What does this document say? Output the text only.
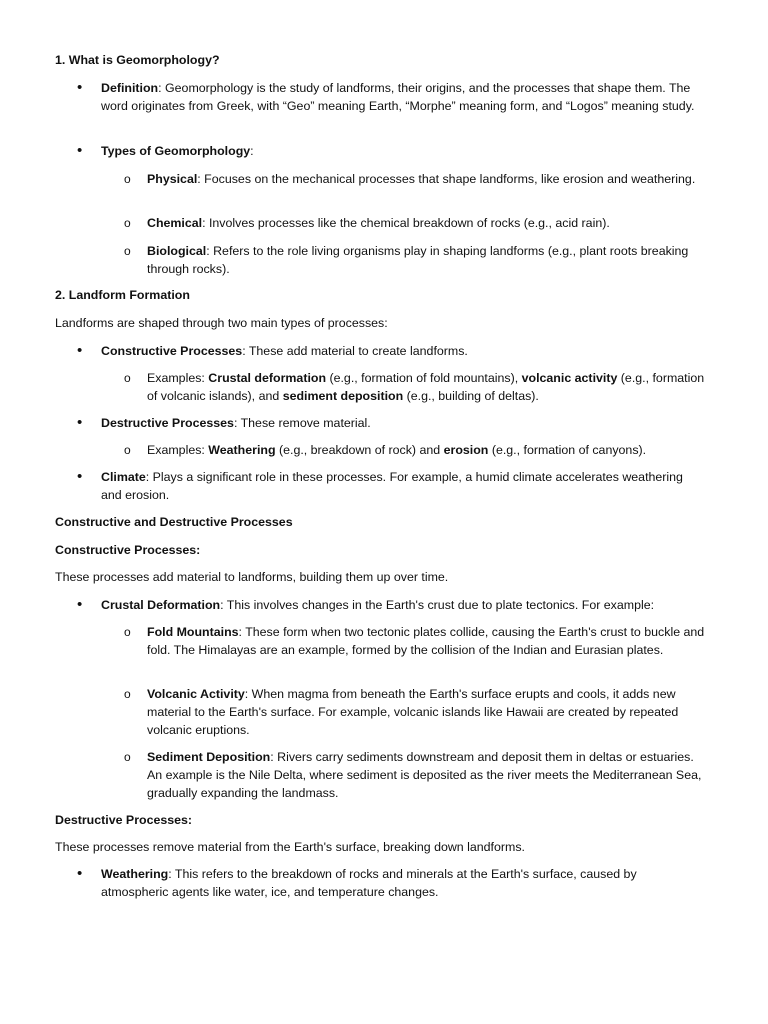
1. What is Geomorphology?
• Definition: Geomorphology is the study of landforms, their origins, and the processes that shape them. The word originates from Greek, with “Geo” meaning Earth, “Morphe” meaning form, and “Logos” meaning study.
• Types of Geomorphology:
o Physical: Focuses on the mechanical processes that shape landforms, like erosion and weathering.
o Chemical: Involves processes like the chemical breakdown of rocks (e.g., acid rain).
o Biological: Refers to the role living organisms play in shaping landforms (e.g., plant roots breaking through rocks).
2. Landform Formation
Landforms are shaped through two main types of processes:
• Constructive Processes: These add material to create landforms.
o Examples: Crustal deformation (e.g., formation of fold mountains), volcanic activity (e.g., formation of volcanic islands), and sediment deposition (e.g., building of deltas).
• Destructive Processes: These remove material.
o Examples: Weathering (e.g., breakdown of rock) and erosion (e.g., formation of canyons).
• Climate: Plays a significant role in these processes. For example, a humid climate accelerates weathering and erosion.
Constructive and Destructive Processes
Constructive Processes:
These processes add material to landforms, building them up over time.
• Crustal Deformation: This involves changes in the Earth's crust due to plate tectonics. For example:
o Fold Mountains: These form when two tectonic plates collide, causing the Earth's crust to buckle and fold. The Himalayas are an example, formed by the collision of the Indian and Eurasian plates.
o Volcanic Activity: When magma from beneath the Earth's surface erupts and cools, it adds new material to the Earth's surface. For example, volcanic islands like Hawaii are created by repeated volcanic eruptions.
o Sediment Deposition: Rivers carry sediments downstream and deposit them in deltas or estuaries. An example is the Nile Delta, where sediment is deposited as the river meets the Mediterranean Sea, gradually expanding the landmass.
Destructive Processes:
These processes remove material from the Earth's surface, breaking down landforms.
• Weathering: This refers to the breakdown of rocks and minerals at the Earth's surface, caused by atmospheric agents like water, ice, and temperature changes.
